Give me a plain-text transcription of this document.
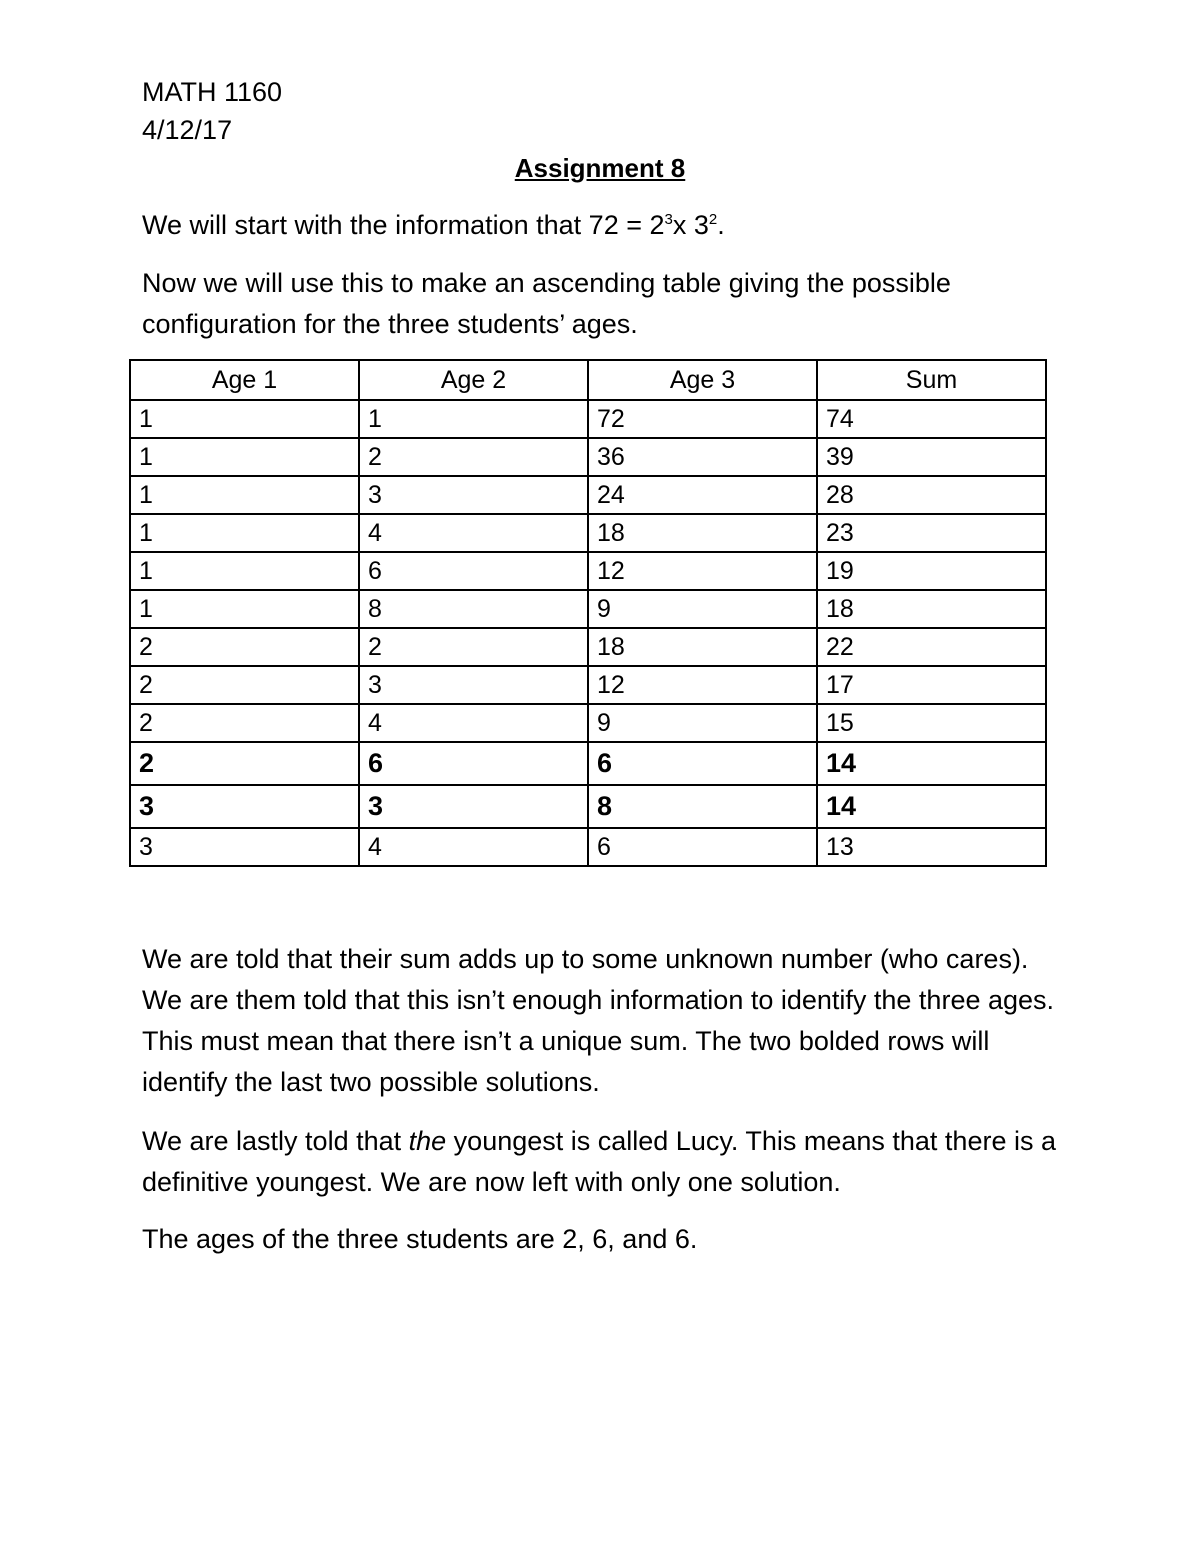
MATH 1160

4/12/17

Assignment 8

We will start with the information that $72 = 2^3x$ $3^2$.

Now we will use this to make an ascending table giving the possible configuration for the three students’ ages.

Age 1	Age 2	Age 3	Sum
1	1	72	74
1	2	36	39
1	3	24	28
1	4	18	23
1	6	12	19
1	8	9	18
2	2	18	22
2	3	12	17
2	4	9	15
2	6	6	14
3	3	8	14
3	4	6	13

We are told that their sum adds up to some unknown number (who cares). We are them told that this isn’t enough information to identify the three ages. This must mean that there isn’t a unique sum. The two bolded rows will identify the last two possible solutions.

We are lastly told that the youngest is called Lucy. This means that there is a definitive youngest. We are now left with only one solution.

The ages of the three students are 2, 6, and 6.
